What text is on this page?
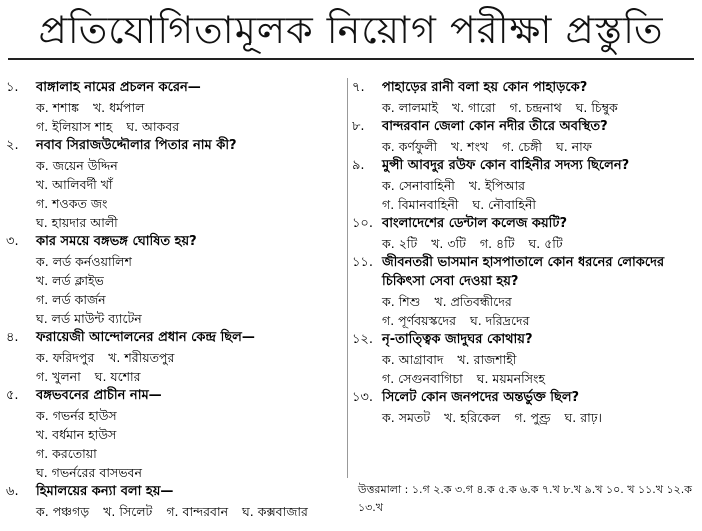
প্রতিযোগিতামূলক নিয়োগ পরীক্ষা প্রস্তুতি
১.	বাঙ্গালাহ নামের প্রচলন করেন—
ক. শশাঙ্ক খ. ধর্মপাল
গ. ইলিয়াস শাহ ঘ. আকবর
২.	নবাব সিরাজউদ্দৌলার পিতার নাম কী?
ক. জয়েন উদ্দিন
খ. আলিবর্দী খাঁ
গ. শওকত জং
ঘ. হায়দার আলী
৩.	কার সময়ে বঙ্গভঙ্গ ঘোষিত হয়?
ক. লর্ড কর্নওয়ালিশ
খ. লর্ড ক্লাইভ
গ. লর্ড কার্জন
ঘ. লর্ড মাউন্ট ব্যাটেন
৪.	ফরায়েজী আন্দোলনের প্রধান কেন্দ্র ছিল—
ক. ফরিদপুর খ. শরীয়তপুর
গ. খুলনা ঘ. যশোর
৫.	বঙ্গভবনের প্রাচীন নাম—
ক. গভর্নর হাউস
খ. বর্ধমান হাউস
গ. করতোয়া
ঘ. গভর্নরের বাসভবন
৬.	হিমালয়ের কন্যা বলা হয়—
ক. পঞ্চগড় খ. সিলেট গ. বান্দরবান ঘ. কক্সবাজার
৭.	পাহাড়ের রানী বলা হয় কোন পাহাড়কে?
ক. লালমাই খ. গারো গ. চন্দ্রনাথ ঘ. চিম্বুক
৮.	বান্দরবান জেলা কোন নদীর তীরে অবস্থিত?
ক. কর্ণফুলী খ. শংখ গ. চেঙ্গী ঘ. নাফ
৯.	মুন্সী আবদুর রউফ কোন বাহিনীর সদস্য ছিলেন?
ক. সেনাবাহিনী খ. ইপিআর
গ. বিমানবাহিনী ঘ. নৌবাহিনী
১০. বাংলাদেশের ডেন্টাল কলেজ কয়টি?
ক. ২টি খ. ৩টি গ. ৪টি ঘ. ৫টি
১১. জীবনতরী ভাসমান হাসপাতালে কোন ধরনের লোকদের চিকিৎসা সেবা দেওয়া হয়?
ক. শিশু খ. প্রতিবন্ধীদের
গ. পূর্ণবয়স্কদের ঘ. দরিদ্রদের
১২. নৃ-তাত্ত্বিক জাদুঘর কোথায়?
ক. আগ্রাবাদ খ. রাজশাহী
গ. সেগুনবাগিচা ঘ. ময়মনসিংহ
১৩. সিলেট কোন জনপদের অন্তর্ভুক্ত ছিল?
ক. সমতট খ. হরিকেল গ. পুণ্ড্র ঘ. রাঢ়।
উত্তরমালা : ১.গ ২.ক ৩.গ ৪.ক ৫.ক ৬.ক ৭.খ ৮.খ ৯.খ ১০. খ ১১.খ ১২.ক ১৩.খ
